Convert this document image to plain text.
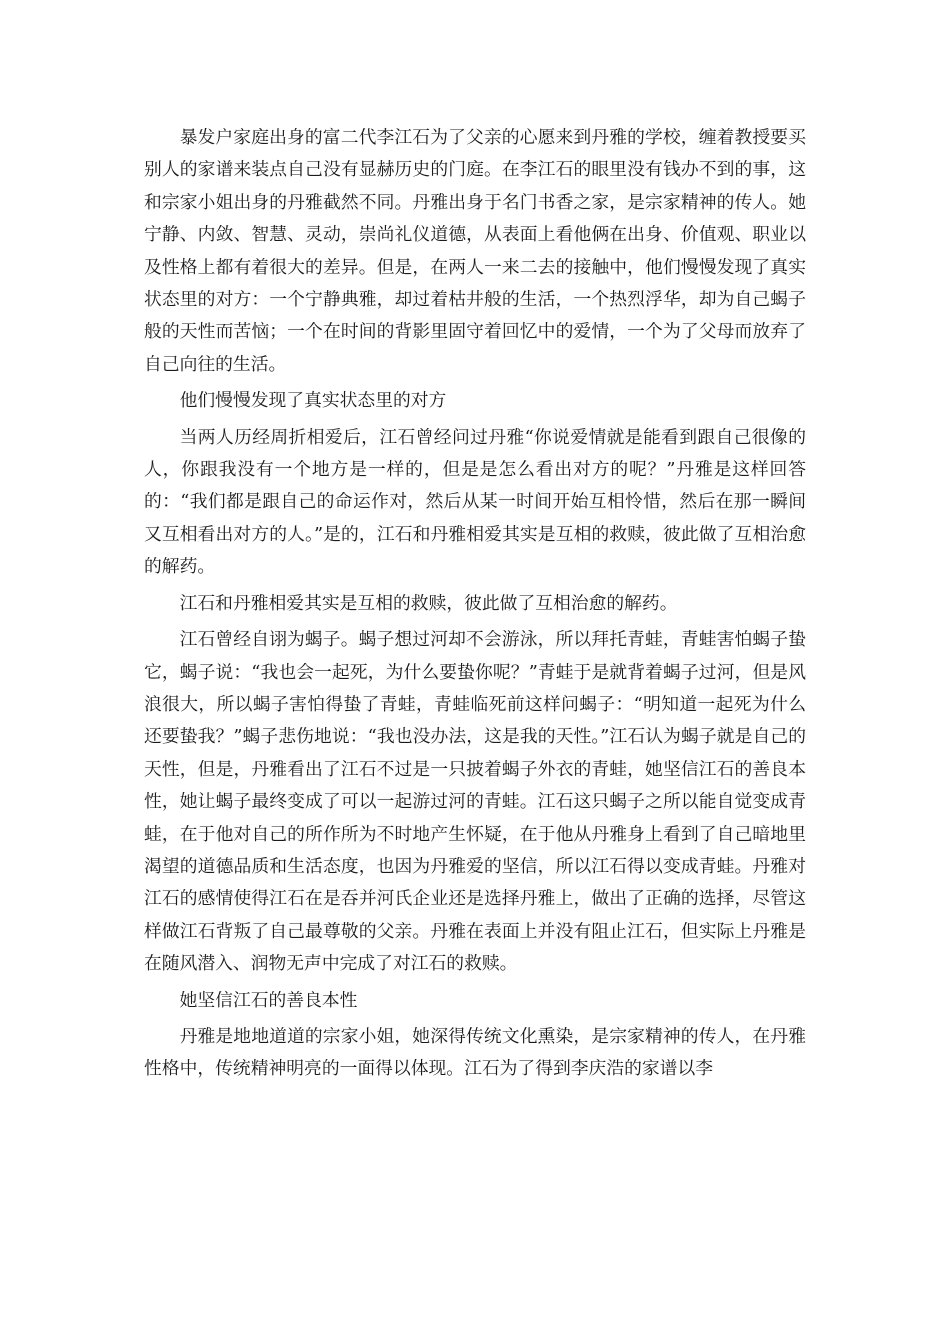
暴发户家庭出身的富二代李江石为了父亲的心愿来到丹雅的学校，缠着教授要买别人的家谱来装点自己没有显赫历史的门庭。在李江石的眼里没有钱办不到的事，这和宗家小姐出身的丹雅截然不同。丹雅出身于名门书香之家，是宗家精神的传人。她宁静、内敛、智慧、灵动，崇尚礼仪道德，从表面上看他俩在出身、价值观、职业以及性格上都有着很大的差异。但是，在两人一来二去的接触中，他们慢慢发现了真实状态里的对方：一个宁静典雅，却过着枯井般的生活，一个热烈浮华，却为自己蝎子般的天性而苦恼；一个在时间的背影里固守着回忆中的爱情，一个为了父母而放弃了自己向往的生活。

他们慢慢发现了真实状态里的对方

当两人历经周折相爱后，江石曾经问过丹雅“你说爱情就是能看到跟自己很像的人，你跟我没有一个地方是一样的，但是是怎么看出对方的呢？”丹雅是这样回答的：“我们都是跟自己的命运作对，然后从某一时间开始互相怜惜，然后在那一瞬间又互相看出对方的人。”是的，江石和丹雅相爱其实是互相的救赎，彼此做了互相治愈的解药。

江石和丹雅相爱其实是互相的救赎，彼此做了互相治愈的解药。

江石曾经自诩为蝎子。蝎子想过河却不会游泳，所以拜托青蛙，青蛙害怕蝎子蛰它，蝎子说：“我也会一起死，为什么要蛰你呢？”青蛙于是就背着蝎子过河，但是风浪很大，所以蝎子害怕得蛰了青蛙，青蛙临死前这样问蝎子：“明知道一起死为什么还要蛰我？”蝎子悲伤地说：“我也没办法，这是我的天性。”江石认为蝎子就是自己的天性，但是，丹雅看出了江石不过是一只披着蝎子外衣的青蛙，她坚信江石的善良本性，她让蝎子最终变成了可以一起游过河的青蛙。江石这只蝎子之所以能自觉变成青蛙，在于他对自己的所作所为不时地产生怀疑，在于他从丹雅身上看到了自己暗地里渴望的道德品质和生活态度，也因为丹雅爱的坚信，所以江石得以变成青蛙。丹雅对江石的感情使得江石在是吞并河氏企业还是选择丹雅上，做出了正确的选择，尽管这样做江石背叛了自己最尊敬的父亲。丹雅在表面上并没有阻止江石，但实际上丹雅是在随风潜入、润物无声中完成了对江石的救赎。

她坚信江石的善良本性

丹雅是地地道道的宗家小姐，她深得传统文化熏染，是宗家精神的传人，在丹雅性格中，传统精神明亮的一面得以体现。江石为了得到李庆浩的家谱以李
